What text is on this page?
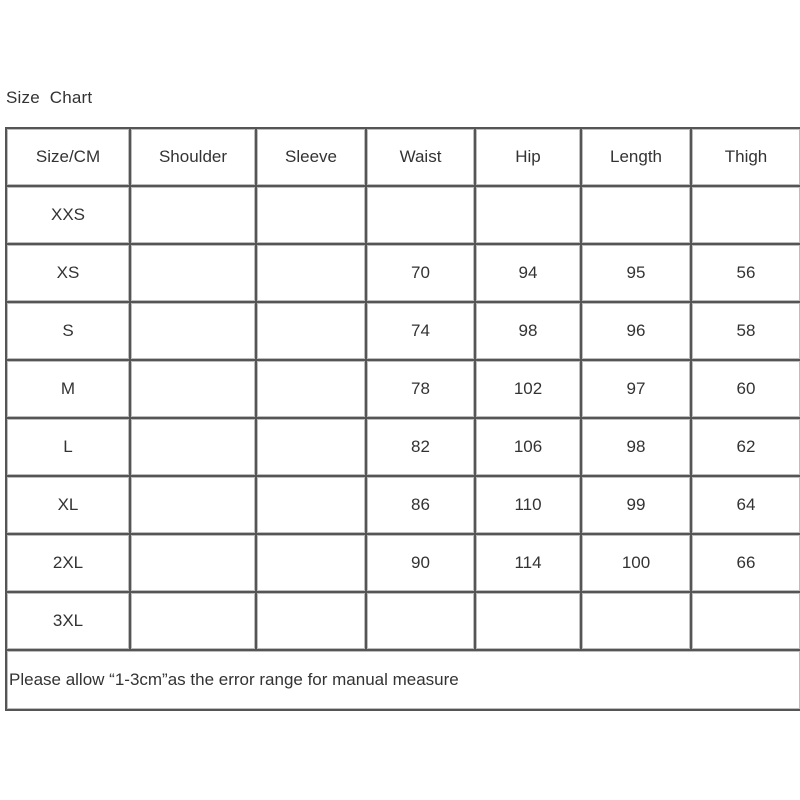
Size  Chart
Size/CM	Shoulder	Sleeve	Waist	Hip	Length	Thigh
XXS						
XS			70	94	95	56
S			74	98	96	58
M			78	102	97	60
L			82	106	98	62
XL			86	110	99	64
2XL			90	114	100	66
3XL						
Please allow “1-3cm”as the error range for manual measure						
